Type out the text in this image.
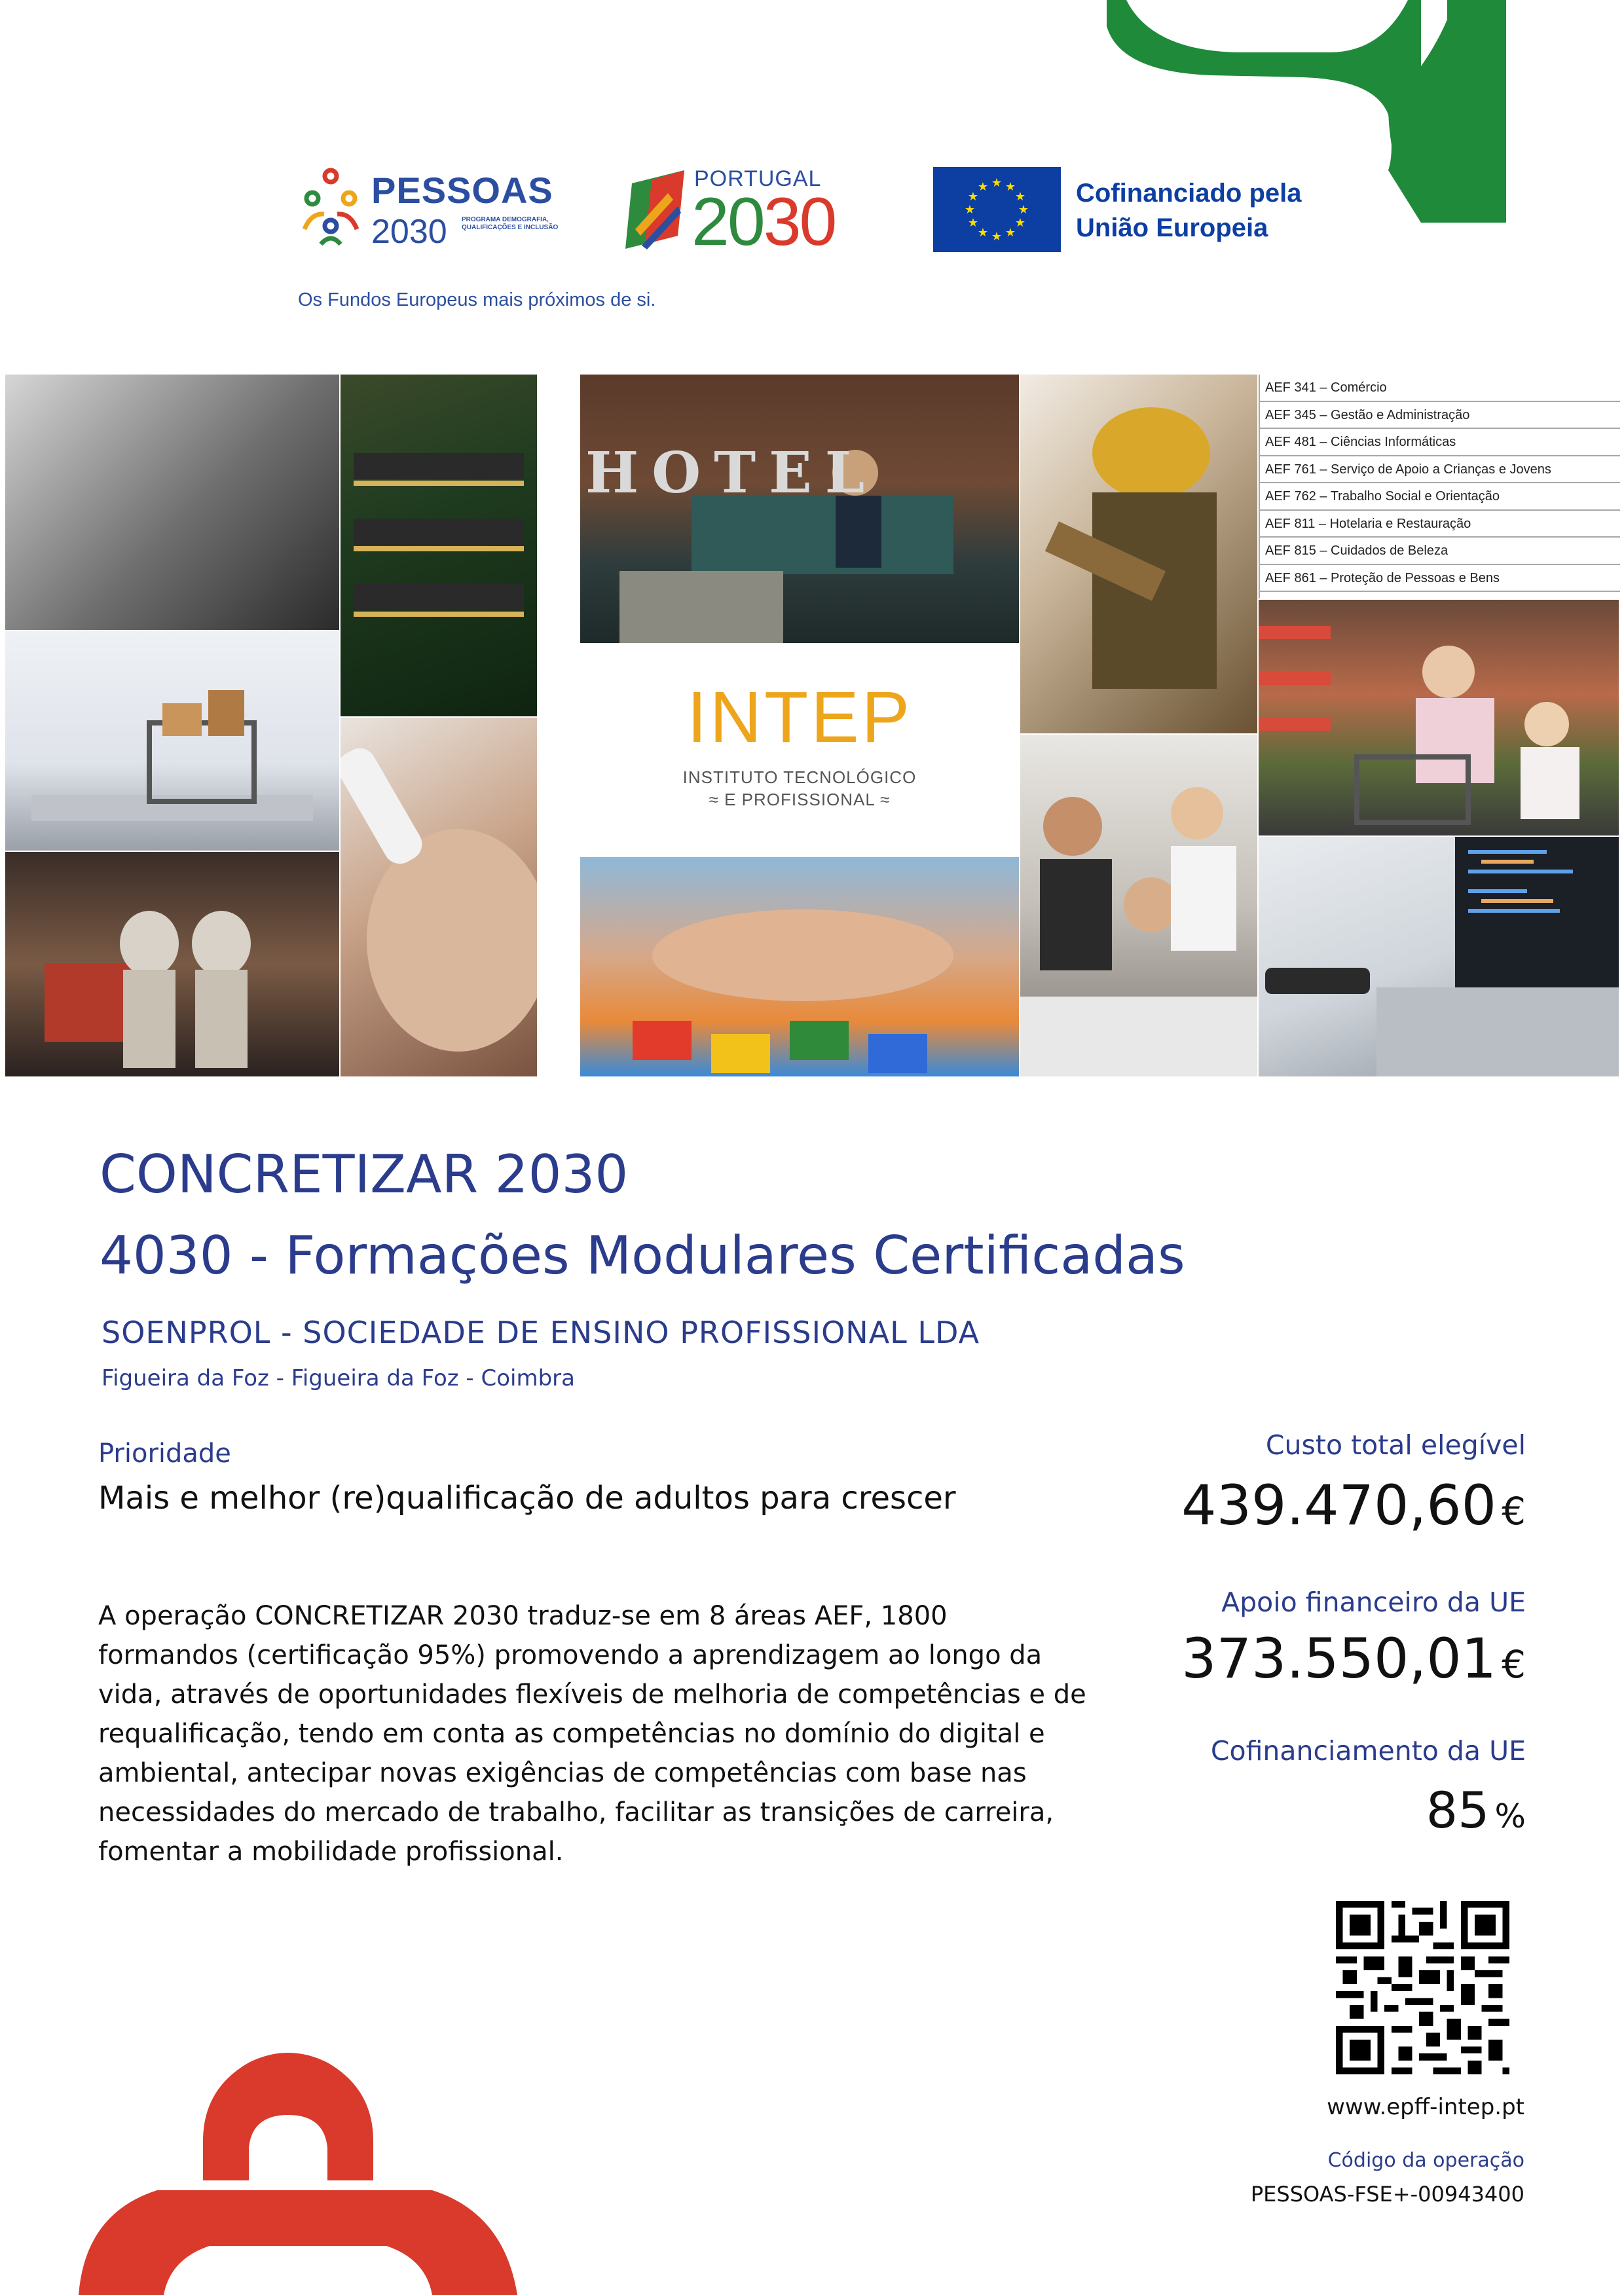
PESSOAS
2030 PROGRAMA DEMOGRAFIA, QUALIFICAÇÕES E INCLUSÃO
Os Fundos Europeus mais próximos de si.
PORTUGAL
2030
★ ★
★
★
★
★
★
★
★
★
★
★	Cofinanciado pela
União Europeia
HOTEL
INTEP
INSTITUTO TECNOLÓGICO
≈ E PROFISSIONAL ≈
AEF 341 – Comércio
AEF 345 – Gestão e Administração
AEF 481 – Ciências Informáticas
AEF 761 – Serviço de Apoio a Crianças e Jovens
AEF 762 – Trabalho Social e Orientação
AEF 811 – Hotelaria e Restauração
AEF 815 – Cuidados de Beleza
AEF 861 – Proteção de Pessoas e Bens
CONCRETIZAR 2030
4030 - Formações Modulares Certificadas
SOENPROL - SOCIEDADE DE ENSINO PROFISSIONAL LDA
Figueira da Foz - Figueira da Foz - Coimbra
Prioridade
Mais e melhor (re)qualificação de adultos para crescer
A operação CONCRETIZAR 2030 traduz-se em 8 áreas AEF, 1800 formandos (certificação 95%) promovendo a aprendizagem ao longo da vida, através de oportunidades flexíveis de melhoria de competências e de requalificação, tendo em conta as competências no domínio do digital e ambiental, antecipar novas exigências de competências com base nas necessidades do mercado de trabalho, facilitar as transições de carreira, fomentar a mobilidade profissional.
Custo total elegível
439.470,60 €
Apoio financeiro da UE
373.550,01 €
Cofinanciamento da UE
85 %
www.epff-intep.pt
Código da operação
PESSOAS-FSE+-00943400
